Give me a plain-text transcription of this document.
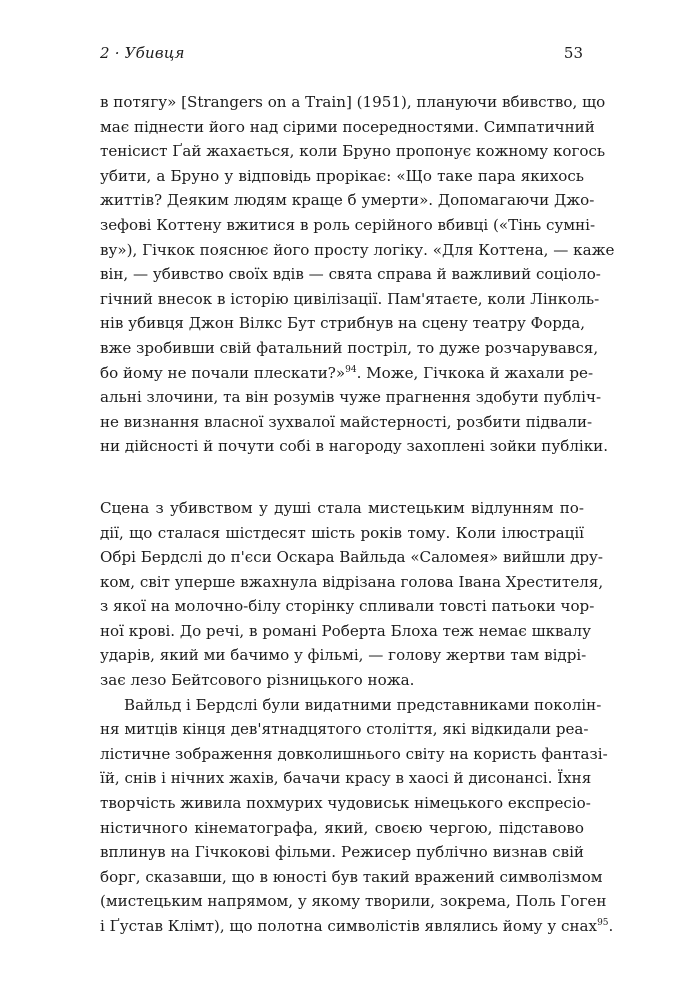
2 · Убивця	53
в потягу» [Strangers on a Train] (1951), плануючи вбивство, що
має піднести його над сірими посередностями. Симпатичний
тенісист Ґай жахається, коли Бруно пропонує кожному когось
убити, а Бруно у відповідь прорікає: «Що таке пара якихось
життів? Деяким людям краще б умерти». Допомагаючи Джо-
зефові Коттену вжитися в роль серійного вбивці («Тінь сумні-
ву»), Гічкок пояснює його просту логіку. «Для Коттена, — каже
він, — убивство своїх вдів — свята справа й важливий соціоло-
гічний внесок в історію цивілізації. Пам'ятаєте, коли Лінколь-
нів убивця Джон Вілкс Бут стрибнув на сцену театру Форда,
вже зробивши свій фатальний постріл, то дуже розчарувався,
бо йому не почали плескати?»$^{94}$. Може, Гічкока й жахали ре-
альні злочини, та він розумів чуже прагнення здобути публіч-
не визнання власної зухвалої майстерності, розбити підвали-
ни дійсності й почути собі в нагороду захоплені зойки публіки.
Сцена з убивством у душі стала мистецьким відлунням по-
дії, що сталася шістдесят шість років тому. Коли ілюстрації
Обрі Бердслі до п'єси Оскара Вайльда «Саломея» вийшли дру-
ком, світ уперше вжахнула відрізана голова Івана Хрестителя,
з якої на молочно-білу сторінку спливали товсті патьоки чор-
ної крові. До речі, в романі Роберта Блоха теж немає шквалу
ударів, який ми бачимо у фільмі, — голову жертви там відрі-
зає лезо Бейтсового різницького ножа.
Вайльд і Бердслі були видатними представниками поколін-
ня митців кінця дев'ятнадцятого століття, які відкидали реа-
лістичне зображення довколишнього світу на користь фантазі-
їй, снів і нічних жахів, бачачи красу в хаосі й дисонансі. Їхня
творчість живила похмурих чудовиськ німецького експресіо-
ністичного кінематографа, який, своєю чергою, підставово
вплинув на Гічкокові фільми. Режисер публічно визнав свій
борг, сказавши, що в юності був такий вражений символізмом
(мистецьким напрямом, у якому творили, зокрема, Поль Гоген
і Ґустав Клімт), що полотна символістів являлись йому у снах$^{95}$.
